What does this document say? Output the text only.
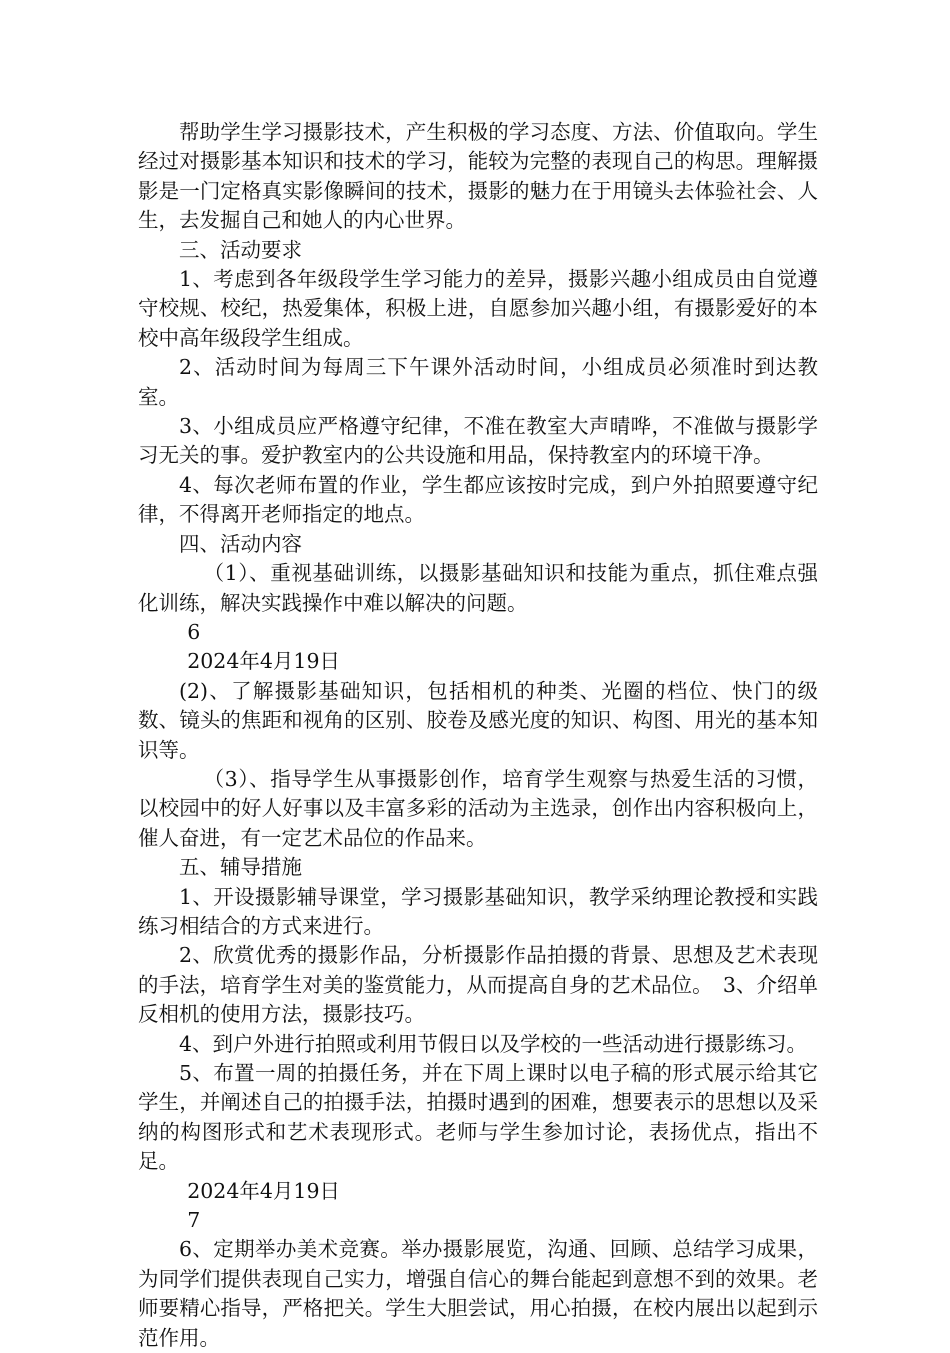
帮助学生学习摄影技术，产生积极的学习态度、方法、价值取向。学生经过对摄影基本知识和技术的学习，能较为完整的表现自己的构思。理解摄影是一门定格真实影像瞬间的技术，摄影的魅力在于用镜头去体验社会、人生，去发掘自己和她人的内心世界。

三、活动要求

1、考虑到各年级段学生学习能力的差异，摄影兴趣小组成员由自觉遵守校规、校纪，热爱集体，积极上进，自愿参加兴趣小组，有摄影爱好的本校中高年级段学生组成。

2、活动时间为每周三下午课外活动时间，小组成员必须准时到达教室。

3、小组成员应严格遵守纪律，不准在教室大声晴哗，不准做与摄影学习无关的事。爱护教室内的公共设施和用品，保持教室内的环境干净。

4、每次老师布置的作业，学生都应该按时完成，到户外拍照要遵守纪律，不得离开老师指定的地点。

四、活动内容

（1）、重视基础训练，以摄影基础知识和技能为重点，抓住难点强化训练，解决实践操作中难以解决的问题。

6

2024年4月19日

(2)、了解摄影基础知识，包括相机的种类、光圈的档位、快门的级数、镜头的焦距和视角的区别、胶卷及感光度的知识、构图、用光的基本知识等。

（3）、指导学生从事摄影创作，培育学生观察与热爱生活的习惯，以校园中的好人好事以及丰富多彩的活动为主选录，创作出内容积极向上，催人奋进，有一定艺术品位的作品来。

五、辅导措施

1、开设摄影辅导课堂，学习摄影基础知识，教学采纳理论教授和实践练习相结合的方式来进行。

2、欣赏优秀的摄影作品，分析摄影作品拍摄的背景、思想及艺术表现的手法，培育学生对美的鉴赏能力，从而提高自身的艺术品位。　3、介绍单反相机的使用方法，摄影技巧。

4、到户外进行拍照或利用节假日以及学校的一些活动进行摄影练习。

5、布置一周的拍摄任务，并在下周上课时以电子稿的形式展示给其它学生，并阐述自己的拍摄手法，拍摄时遇到的困难，想要表示的思想以及采纳的构图形式和艺术表现形式。老师与学生参加讨论，表扬优点，指出不足。

2024年4月19日

7

6、定期举办美术竞赛。举办摄影展览，沟通、回顾、总结学习成果，为同学们提供表现自己实力，增强自信心的舞台能起到意想不到的效果。老师要精心指导，严格把关。学生大胆尝试，用心拍摄，在校内展出以起到示范作用。
